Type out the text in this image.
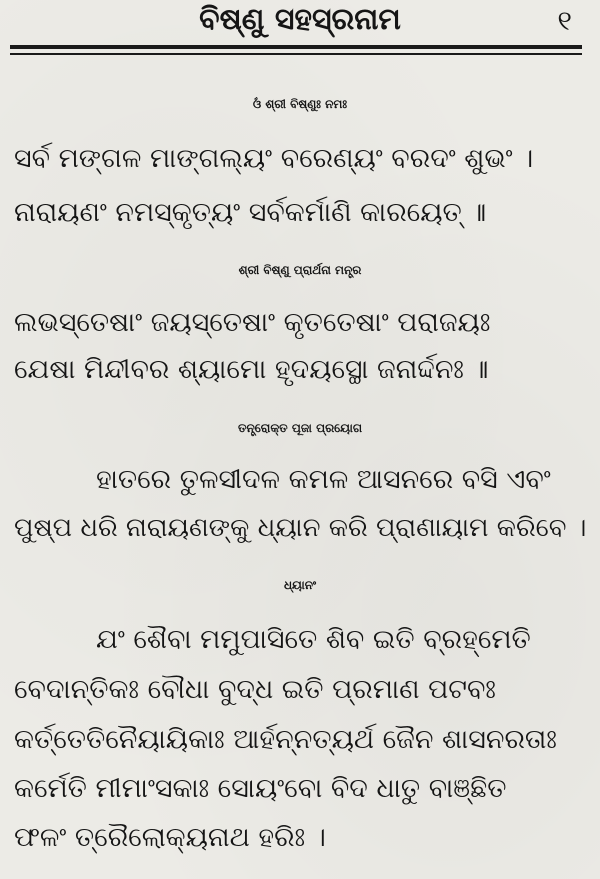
ବିଷ୍ଣୁ ସହସ୍ରନାମ	୧
ଓଁ ଶ୍ରୀ ବିଷ୍ଣୁଃ ନମଃ
ସର୍ବ ମଙ୍ଗଳ ମାଙ୍ଗଲ୍ୟଂ ବରେଣ୍ୟଂ ବରଦଂ ଶୁଭଂ ।
ନାରାୟଣଂ ନମସ୍କୃତ୍ୟଂ ସର୍ବକର୍ମାଣି କାରୟେତ୍ ॥
ଶ୍ରୀ ବିଷ୍ଣୁ ପ୍ରାର୍ଥନା ମନ୍ତ୍ର
ଲଭସ୍ତେଷାଂ ଜୟସ୍ତେଷାଂ କୃତତେଷାଂ ପରାଜୟଃ
ଯେଷା ମିନ୍ଦୀବର ଶ୍ୟାମୋ ହୃଦୟସ୍ଥୋ ଜନାର୍ଦ୍ଦନଃ ॥
ତନ୍ତ୍ରୋକ୍ତ ପୂଜା ପ୍ରୟୋଗ
ହାତରେ ତୁଳସୀଦଳ କମଳ ଆସନରେ ବସି ଏବଂ
ପୁଷ୍ପ ଧରି ନାରାୟଣଙ୍କୁ ଧ୍ୟାନ କରି ପ୍ରାଣାୟାମ କରିବେ ।
ଧ୍ୟାନଂ
ଯଂ ଶୈବା ମମୁପାସିତେ ଶିବ ଇତି ବ୍ରହ୍ମେତି
ବେଦାନ୍ତିକଃ ବୌଧା ବୁଦ୍ଧ ଇତି ପ୍ରମାଣ ପଟବଃ
କର୍ତ୍ତେତିନୈୟାୟିକାଃ ଆର୍ହନ୍ନତ୍ୟର୍ଥ ଜୈନ ଶାସନରତାଃ
କର୍ମେତି ମୀମାଂସକାଃ ସୋୟଂବୋ ବିଦ ଧାତୁ ବାଞ୍ଛିତ
ଫଳଂ ତ୍ରୈଲୋକ୍ୟନାଥ ହରିଃ ।
